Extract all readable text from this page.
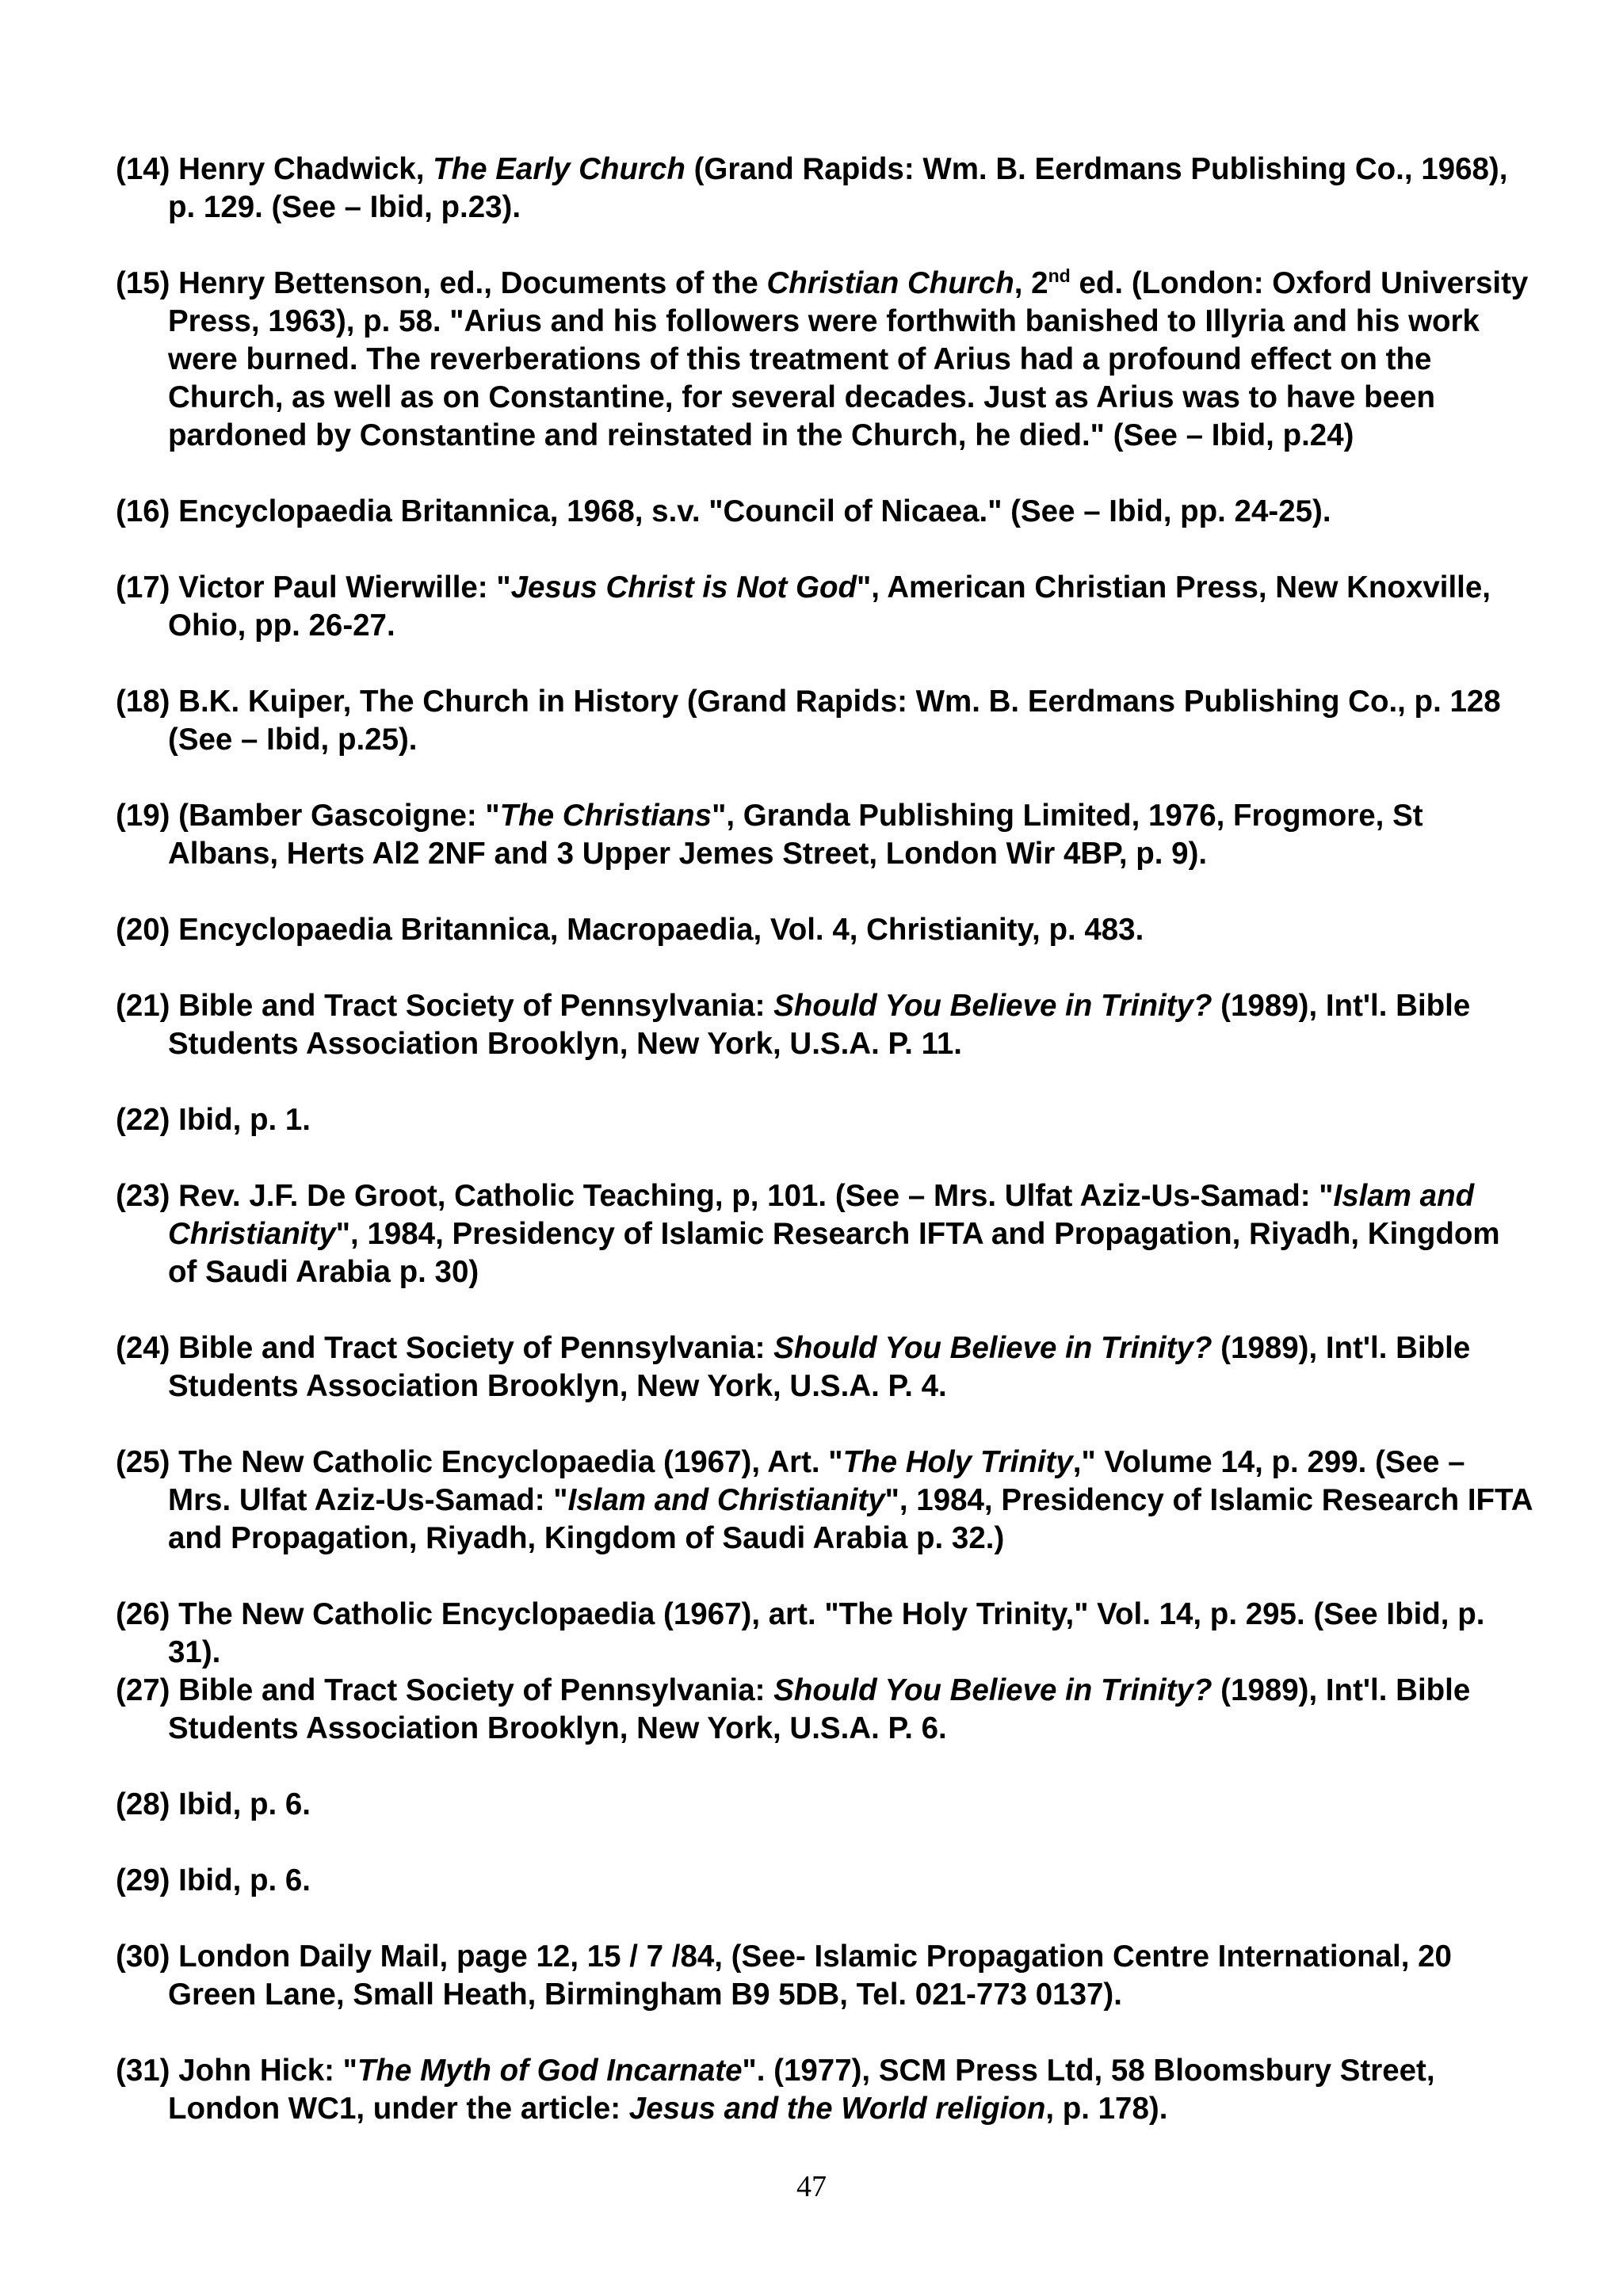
(14) Henry Chadwick, The Early Church (Grand Rapids: Wm. B. Eerdmans Publishing Co., 1968), p. 129. (See – Ibid, p.23).

(15) Henry Bettenson, ed., Documents of the Christian Church, 2nd ed. (London: Oxford University Press, 1963), p. 58. "Arius and his followers were forthwith banished to Illyria and his work were burned. The reverberations of this treatment of Arius had a profound effect on the Church, as well as on Constantine, for several decades. Just as Arius was to have been pardoned by Constantine and reinstated in the Church, he died." (See – Ibid, p.24)

(16) Encyclopaedia Britannica, 1968, s.v. "Council of Nicaea." (See – Ibid, pp. 24-25).

(17) Victor Paul Wierwille: "Jesus Christ is Not God", American Christian Press, New Knoxville, Ohio, pp. 26-27.

(18) B.K. Kuiper, The Church in History (Grand Rapids: Wm. B. Eerdmans Publishing Co., p. 128 (See – Ibid, p.25).

(19) (Bamber Gascoigne: "The Christians", Granda Publishing Limited, 1976, Frogmore, St Albans, Herts Al2 2NF and 3 Upper Jemes Street, London Wir 4BP, p. 9).

(20) Encyclopaedia Britannica, Macropaedia, Vol. 4, Christianity, p. 483.

(21) Bible and Tract Society of Pennsylvania: Should You Believe in Trinity? (1989), Int'l. Bible Students Association Brooklyn, New York, U.S.A. P. 11.

(22) Ibid, p. 1.

(23) Rev. J.F. De Groot, Catholic Teaching, p, 101. (See – Mrs. Ulfat Aziz-Us-Samad: "Islam and Christianity", 1984, Presidency of Islamic Research IFTA and Propagation, Riyadh, Kingdom of Saudi Arabia p. 30)

(24) Bible and Tract Society of Pennsylvania: Should You Believe in Trinity? (1989), Int'l. Bible Students Association Brooklyn, New York, U.S.A. P. 4.

(25) The New Catholic Encyclopaedia (1967), Art. "The Holy Trinity," Volume 14, p. 299. (See – Mrs. Ulfat Aziz-Us-Samad: "Islam and Christianity", 1984, Presidency of Islamic Research IFTA and Propagation, Riyadh, Kingdom of Saudi Arabia p. 32.)

(26) The New Catholic Encyclopaedia (1967), art. "The Holy Trinity," Vol. 14, p. 295. (See Ibid, p. 31).

(27) Bible and Tract Society of Pennsylvania: Should You Believe in Trinity? (1989), Int'l. Bible Students Association Brooklyn, New York, U.S.A. P. 6.

(28) Ibid, p. 6.

(29) Ibid, p. 6.

(30) London Daily Mail, page 12, 15 / 7 /84, (See- Islamic Propagation Centre International, 20 Green Lane, Small Heath, Birmingham B9 5DB, Tel. 021-773 0137).

(31) John Hick: "The Myth of God Incarnate". (1977), SCM Press Ltd, 58 Bloomsbury Street, London WC1, under the article: Jesus and the World religion, p. 178).

47
